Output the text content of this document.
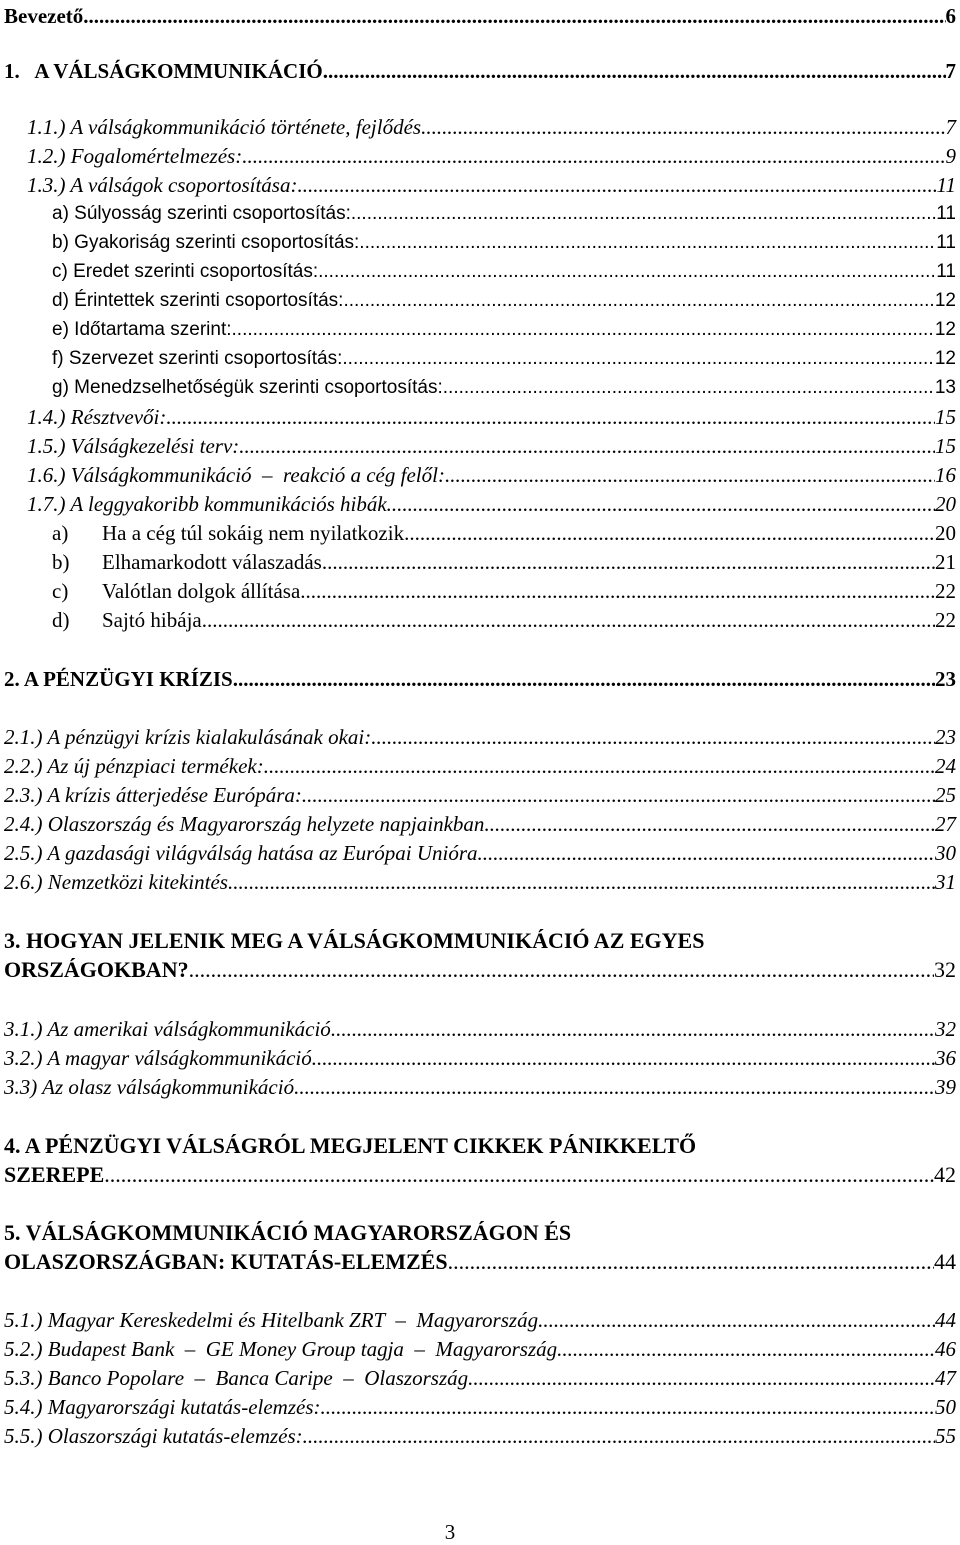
Bevezető .....	6
1.   A VÁLSÁGKOMMUNIKÁCIÓ .....	7
1.1.) A válságkommunikáció története, fejlődés .....	7
1.2.) Fogalomértelmezés: .....	9
1.3.) A válságok csoportosítása: .....	11
a) Súlyosság szerinti csoportosítás: .....	11
b) Gyakoriság szerinti csoportosítás: .....	11
c) Eredet szerinti csoportosítás: .....	11
d) Érintettek szerinti csoportosítás: .....	12
e) Időtartama szerint: .....	12
f) Szervezet szerinti csoportosítás: .....	12
g) Menedzselhetőségük szerinti csoportosítás: .....	13
1.4.) Résztvevői: .....	15
1.5.) Válságkezelési terv: .....	15
1.6.) Válságkommunikáció  –  reakció a cég felől: .....	16
1.7.) A leggyakoribb kommunikációs hibák .....	20
a) Ha a cég túl sokáig nem nyilatkozik .....	20
b) Elhamarkodott válaszadás .....	21
c) Valótlan dolgok állítása .....	22
d) Sajtó hibája .....	22
2. A PÉNZÜGYI KRÍZIS .....	23
2.1.) A pénzügyi krízis kialakulásának okai: .....	23
2.2.) Az új pénzpiaci termékek: .....	24
2.3.) A krízis átterjedése Európára: .....	25
2.4.) Olaszország és Magyarország helyzete napjainkban .....	27
2.5.) A gazdasági világválság hatása az Európai Unióra .....	30
2.6.) Nemzetközi kitekintés .....	31
3. HOGYAN JELENIK MEG A VÁLSÁGKOMMUNIKÁCIÓ AZ EGYES
ORSZÁGOKBAN? .....	32
3.1.) Az amerikai válságkommunikáció .....	32
3.2.) A magyar válságkommunikáció .....	36
3.3) Az olasz válságkommunikáció .....	39
4. A PÉNZÜGYI VÁLSÁGRÓL MEGJELENT CIKKEK PÁNIKKELTŐ
SZEREPE .....	42
5. VÁLSÁGKOMMUNIKÁCIÓ MAGYARORSZÁGON ÉS
OLASZORSZÁGBAN: KUTATÁS-ELEMZÉS .....	44
5.1.) Magyar Kereskedelmi és Hitelbank ZRT  –  Magyarország .....	44
5.2.) Budapest Bank  –  GE Money Group tagja  –  Magyarország .....	46
5.3.) Banco Popolare  –  Banca Caripe  –  Olaszország .....	47
5.4.) Magyarországi kutatás-elemzés: .....	50
5.5.) Olaszországi kutatás-elemzés: .....	55
3
